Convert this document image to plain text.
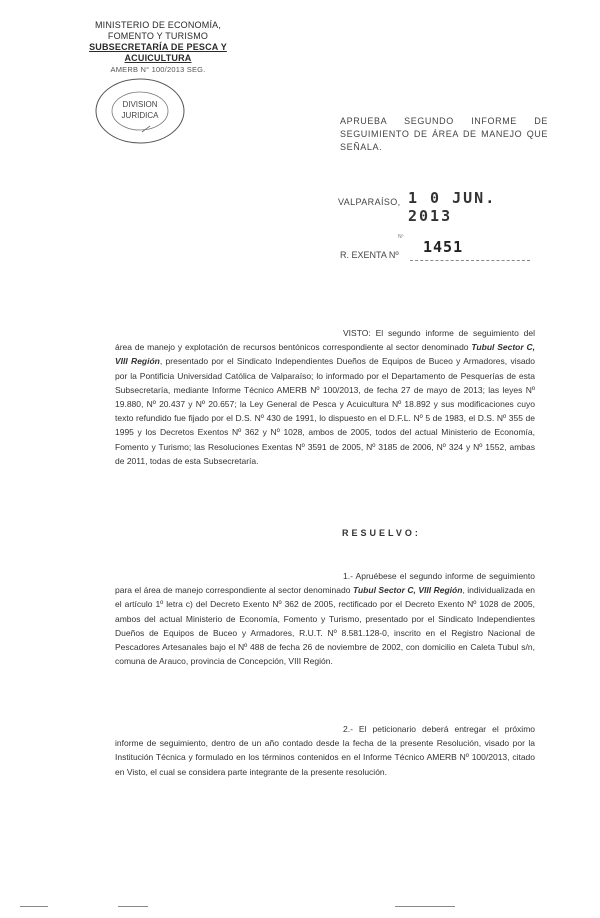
MINISTERIO DE ECONOMÍA,
FOMENTO Y TURISMO
SUBSECRETARÍA DE PESCA Y ACUICULTURA
AMERB N° 100/2013 SEG.
DIVISION
JURIDICA
APRUEBA SEGUNDO INFORME DE SEGUIMIENTO DE ÁREA DE MANEJO QUE SEÑALA.
VALPARAÍSO, 1 0 JUN. 2013
Nº
R. EXENTA Nº 1451
VISTO: El segundo informe de seguimiento del área de manejo y explotación de recursos bentónicos correspondiente al sector denominado Tubul Sector C, VIII Región, presentado por el Sindicato Independientes Dueños de Equipos de Buceo y Armadores, visado por la Pontificia Universidad Católica de Valparaíso; lo informado por el Departamento de Pesquerías de esta Subsecretaría, mediante Informe Técnico AMERB Nº 100/2013, de fecha 27 de mayo de 2013; las leyes Nº 19.880, Nº 20.437 y Nº 20.657; la Ley General de Pesca y Acuicultura Nº 18.892 y sus modificaciones cuyo texto refundido fue fijado por el D.S. Nº 430 de 1991, lo dispuesto en el D.F.L. Nº 5 de 1983, el D.S. Nº 355 de 1995 y los Decretos Exentos Nº 362 y Nº 1028, ambos de 2005, todos del actual Ministerio de Economía, Fomento y Turismo; las Resoluciones Exentas Nº 3591 de 2005, Nº 3185 de 2006, Nº 324 y Nº 1552, ambas de 2011, todas de esta Subsecretaría.
RESUELVO:
1.- Apruébese el segundo informe de seguimiento para el área de manejo correspondiente al sector denominado Tubul Sector C, VIII Región, individualizada en el artículo 1º letra c) del Decreto Exento Nº 362 de 2005, rectificado por el Decreto Exento Nº 1028 de 2005, ambos del actual Ministerio de Economía, Fomento y Turismo, presentado por el Sindicato Independientes Dueños de Equipos de Buceo y Armadores, R.U.T. Nº 8.581.128-0, inscrito en el Registro Nacional de Pescadores Artesanales bajo el Nº 488 de fecha 26 de noviembre de 2002, con domicilio en Caleta Tubul s/n, comuna de Arauco, provincia de Concepción, VIII Región.
2.- El peticionario deberá entregar el próximo informe de seguimiento, dentro de un año contado desde la fecha de la presente Resolución, visado por la Institución Técnica y formulado en los términos contenidos en el Informe Técnico AMERB Nº 100/2013, citado en Visto, el cual se considera parte integrante de la presente resolución.
